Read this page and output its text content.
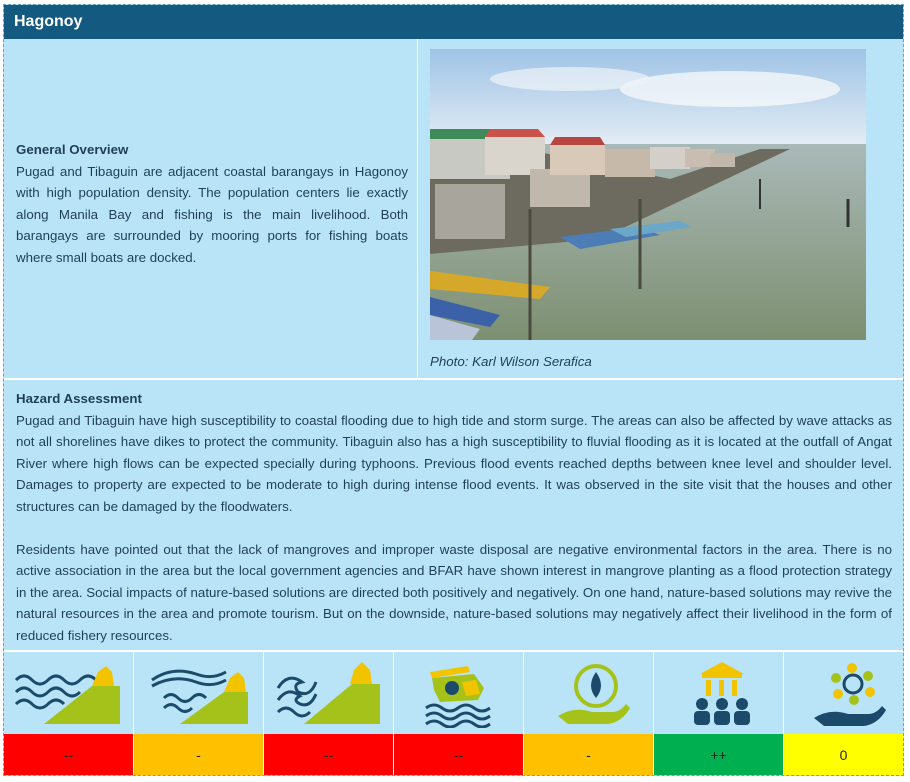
Hagonoy
General Overview
Pugad and Tibaguin are adjacent coastal barangays in Hagonoy with high population density. The population centers lie exactly along Manila Bay and fishing is the main livelihood. Both barangays are surrounded by mooring ports for fishing boats where small boats are docked.
Photo: Karl Wilson Serafica
Hazard Assessment

Pugad and Tibaguin have high susceptibility to coastal flooding due to high tide and storm surge. The areas can also be affected by wave attacks as not all shorelines have dikes to protect the community. Tibaguin also has a high susceptibility to fluvial flooding as it is located at the outfall of Angat River where high flows can be expected specially during typhoons. Previous flood events reached depths between knee level and shoulder level. Damages to property are expected to be moderate to high during intense flood events. It was observed in the site visit that the houses and other structures can be damaged by the floodwaters.

Residents have pointed out that the lack of mangroves and improper waste disposal are negative environmental factors in the area. There is no active association in the area but the local government agencies and BFAR have shown interest in mangrove planting as a flood protection strategy in the area. Social impacts of nature-based solutions are directed both positively and negatively. On one hand, nature-based solutions may revive the natural resources in the area and promote tourism. But on the downside, nature-based solutions may negatively affect their livelihood in the form of reduced fishery resources.

--	-	--	--	-	++	0
